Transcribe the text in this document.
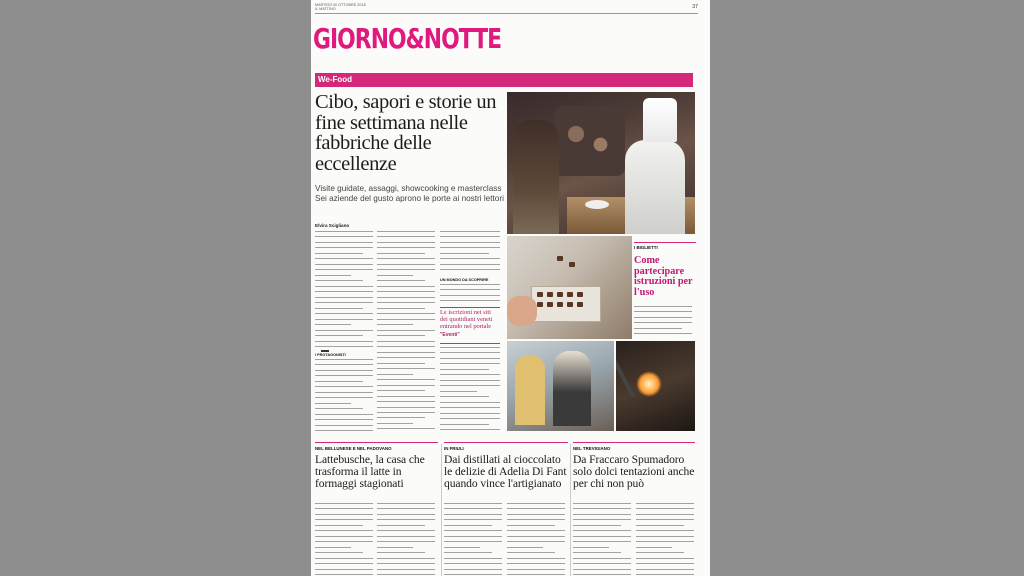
MARTEDÌ 30 OTTOBRE 2018
IL MATTINO	37
GIORNO&NOTTE
We-Food
Cibo, sapori e storie un fine settimana nelle fabbriche delle eccellenze
Visite guidate, assaggi, showcooking e masterclass Sei aziende del gusto aprono le porte ai nostri lettori
Elvira Scigliano
I PROTAGONISTI
UN MONDO DA SCOPRIRE
Le iscrizioni nei siti dei quotidiani veneti entrando nel portale
"Eventi"
I BIGLIETTI
Come partecipare istruzioni per l'uso
NEL BELLUNESE E NEL PADOVANO
Lattebusche, la casa che trasforma il latte in formaggi stagionati
IN FRIULI
Dai distillati al cioccolato le delizie di Adelia Di Fant quando vince l'artigianato
NEL TREVIGIANO
Da Fraccaro Spumadoro solo dolci tentazioni anche per chi non può
